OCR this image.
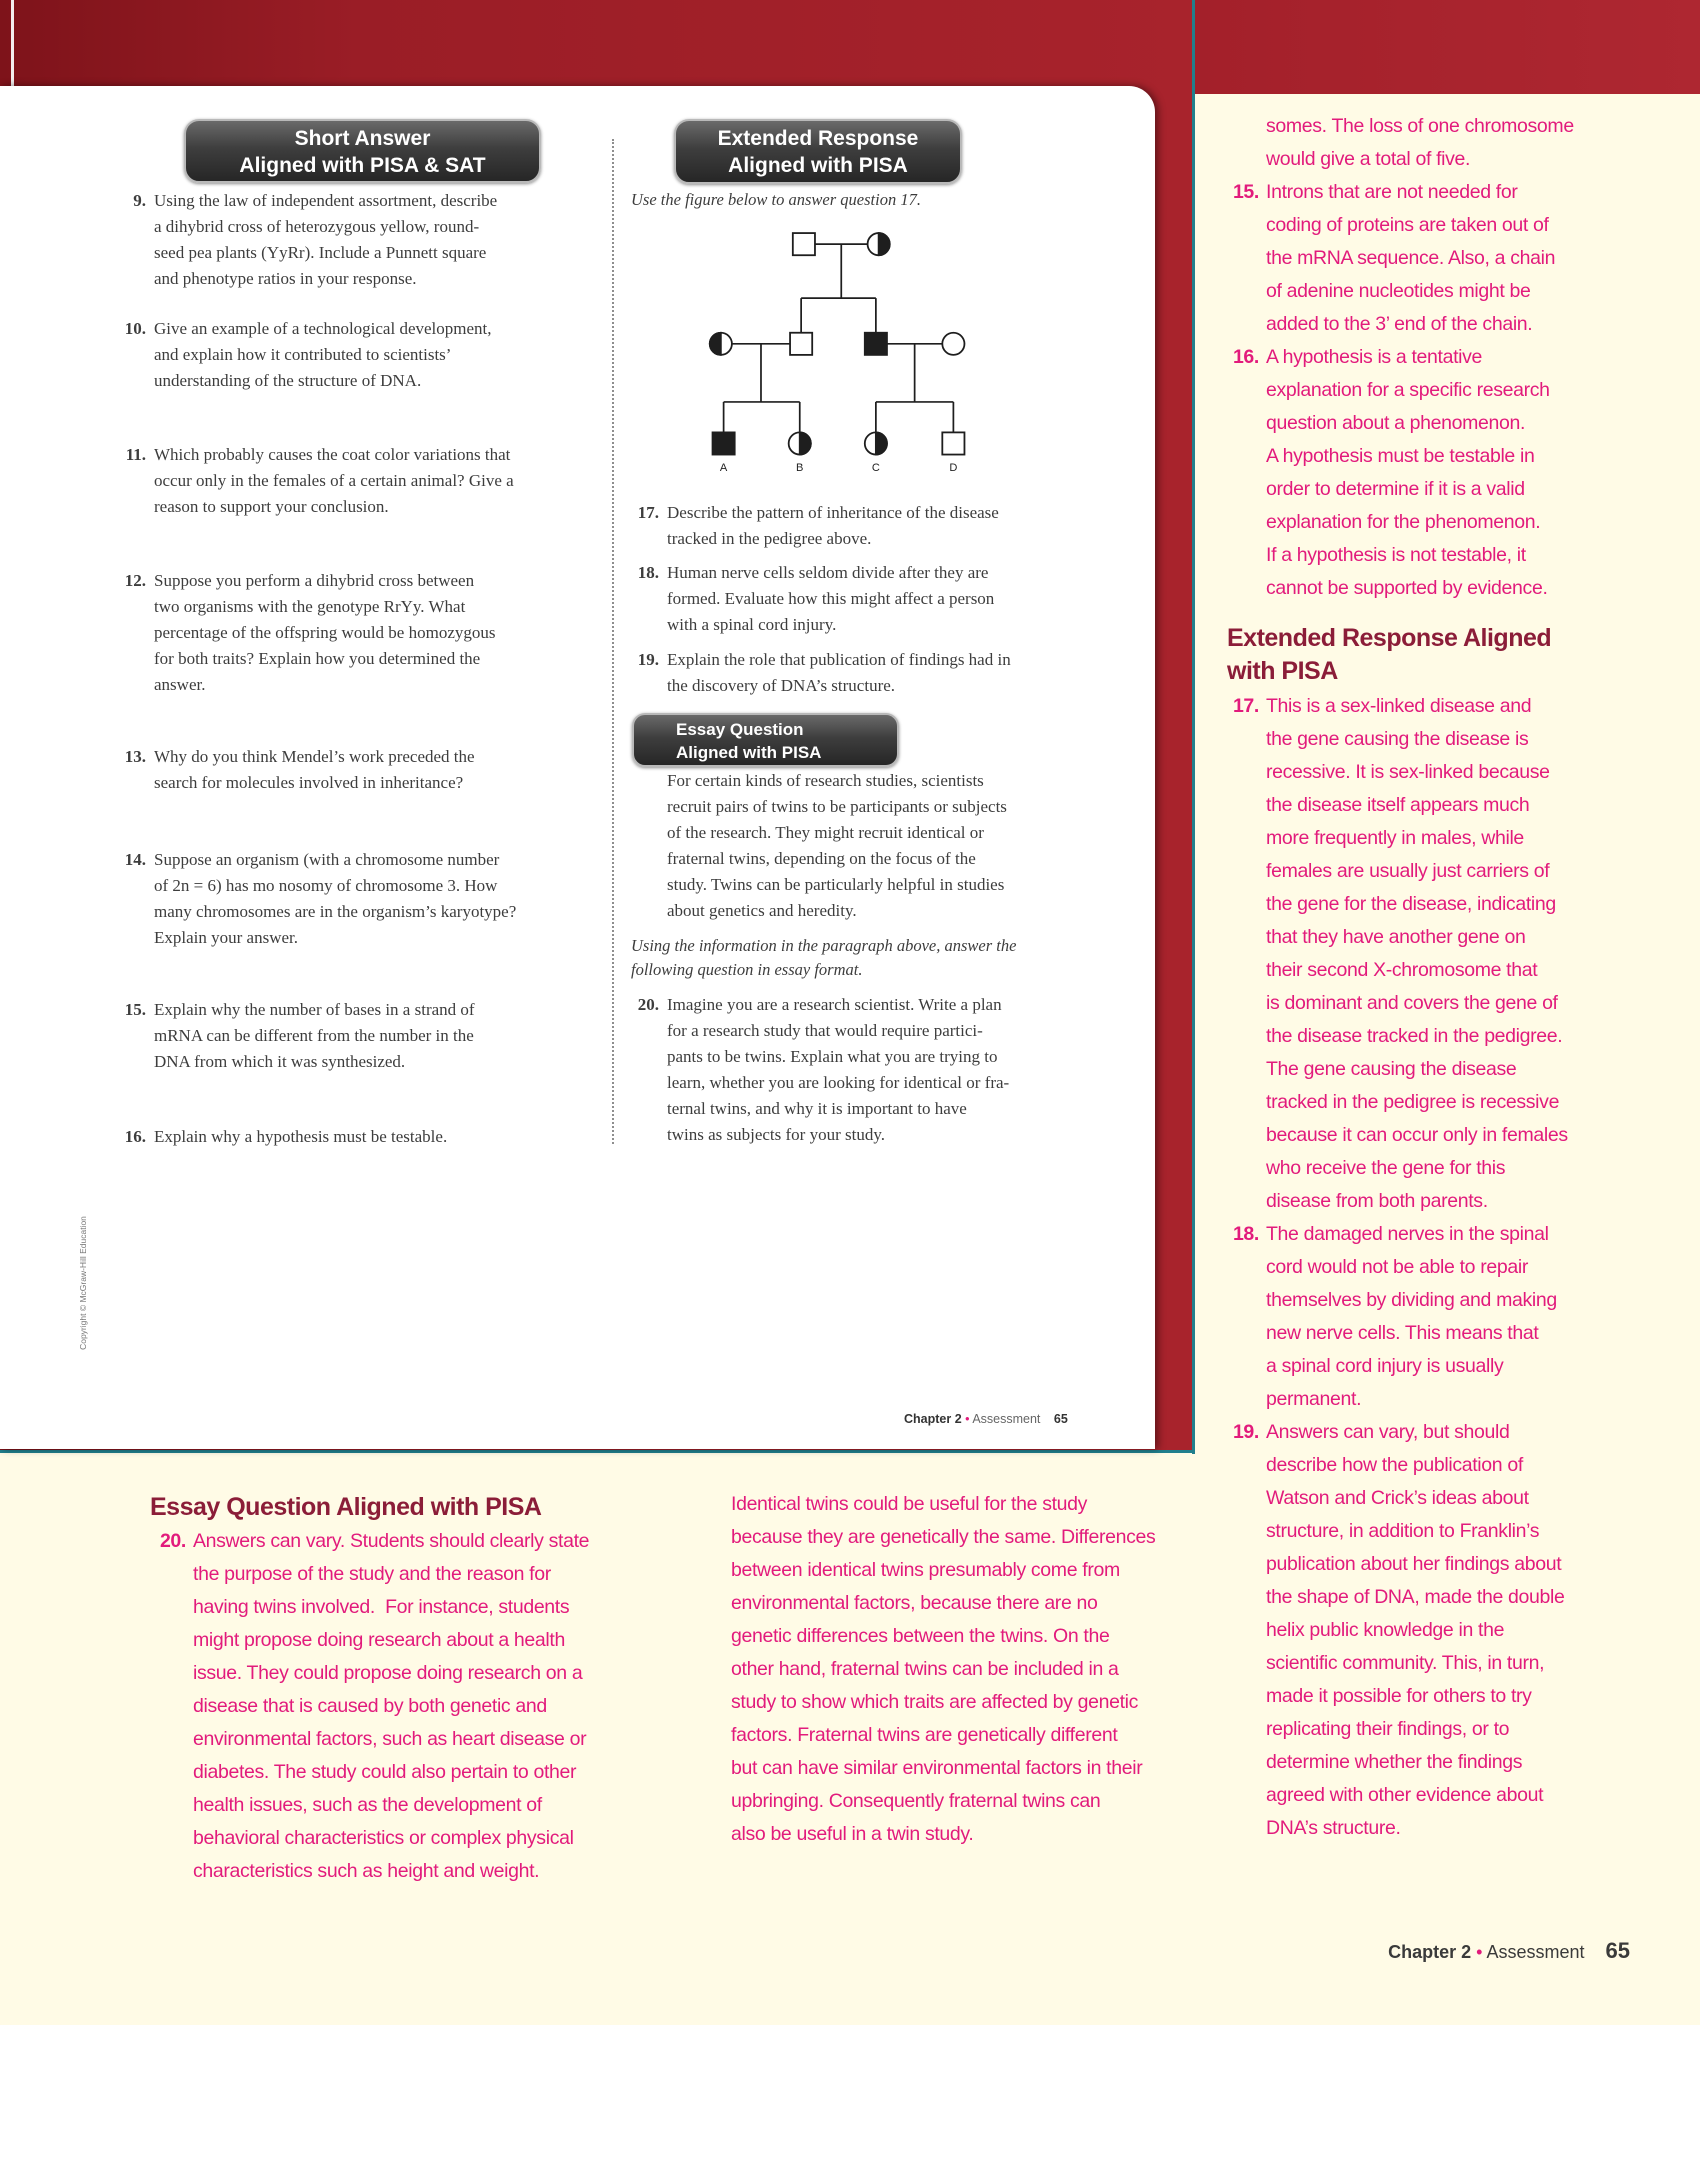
Short Answer
Aligned with PISA & SAT
9. Using the law of independent assortment, describe
a dihybrid cross of heterozygous yellow, round-
seed pea plants (YyRr). Include a Punnett square
and phenotype ratios in your response.
10. Give an example of a technological development,
and explain how it contributed to scientists’
understanding of the structure of DNA.
11. Which probably causes the coat color variations that
occur only in the females of a certain animal? Give a
reason to support your conclusion.
12. Suppose you perform a dihybrid cross between
two organisms with the genotype RrYy. What
percentage of the offspring would be homozygous
for both traits? Explain how you determined the
answer.
13. Why do you think Mendel’s work preceded the
search for molecules involved in inheritance?
14. Suppose an organism (with a chromosome number
of 2n = 6) has mo nosomy of chromosome 3. How
many chromosomes are in the organism’s karyotype?
Explain your answer.
15. Explain why the number of bases in a strand of
mRNA can be different from the number in the
DNA from which it was synthesized.
16. Explain why a hypothesis must be testable.
Extended Response
Aligned with PISA
Use the figure below to answer question 17.
A	B	C	D
17. Describe the pattern of inheritance of the disease
tracked in the pedigree above.
18. Human nerve cells seldom divide after they are
formed. Evaluate how this might affect a person
with a spinal cord injury.
19. Explain the role that publication of findings had in
the discovery of DNA’s structure.
Essay Question
Aligned with PISA
For certain kinds of research studies, scientists
recruit pairs of twins to be participants or subjects
of the research. They might recruit identical or
fraternal twins, depending on the focus of the
study. Twins can be particularly helpful in studies
about genetics and heredity.
Using the information in the paragraph above, answer the
following question in essay format.
20. Imagine you are a research scientist. Write a plan
for a research study that would require partici-
pants to be twins. Explain what you are trying to
learn, whether you are looking for identical or fra-
ternal twins, and why it is important to have
twins as subjects for your study.
Copyright © McGraw-Hill Education
Chapter 2 • Assessment 65
somes. The loss of one chromosome
would give a total of five.
15. Introns that are not needed for
coding of proteins are taken out of
the mRNA sequence. Also, a chain
of adenine nucleotides might be
added to the 3’ end of the chain.
16. A hypothesis is a tentative
explanation for a specific research
question about a phenomenon.
A hypothesis must be testable in
order to determine if it is a valid
explanation for the phenomenon.
If a hypothesis is not testable, it
cannot be supported by evidence.
Extended Response Aligned
with PISA
17. This is a sex-linked disease and
the gene causing the disease is
recessive. It is sex-linked because
the disease itself appears much
more frequently in males, while
females are usually just carriers of
the gene for the disease, indicating
that they have another gene on
their second X-chromosome that
is dominant and covers the gene of
the disease tracked in the pedigree.
The gene causing the disease
tracked in the pedigree is recessive
because it can occur only in females
who receive the gene for this
disease from both parents.
18. The damaged nerves in the spinal
cord would not be able to repair
themselves by dividing and making
new nerve cells. This means that
a spinal cord injury is usually
permanent.
19. Answers can vary, but should
describe how the publication of
Watson and Crick’s ideas about
structure, in addition to Franklin’s
publication about her findings about
the shape of DNA, made the double
helix public knowledge in the
scientific community. This, in turn,
made it possible for others to try
replicating their findings, or to
determine whether the findings
agreed with other evidence about
DNA’s structure.
Essay Question Aligned with PISA
20. Answers can vary. Students should clearly state
the purpose of the study and the reason for
having twins involved.  For instance, students
might propose doing research about a health
issue. They could propose doing research on a
disease that is caused by both genetic and
environmental factors, such as heart disease or
diabetes. The study could also pertain to other
health issues, such as the development of
behavioral characteristics or complex physical
characteristics such as height and weight.
Identical twins could be useful for the study
because they are genetically the same. Differences
between identical twins presumably come from
environmental factors, because there are no
genetic differences between the twins. On the
other hand, fraternal twins can be included in a
study to show which traits are affected by genetic
factors. Fraternal twins are genetically different
but can have similar environmental factors in their
upbringing. Consequently fraternal twins can
also be useful in a twin study.
Chapter 2 • Assessment 65
